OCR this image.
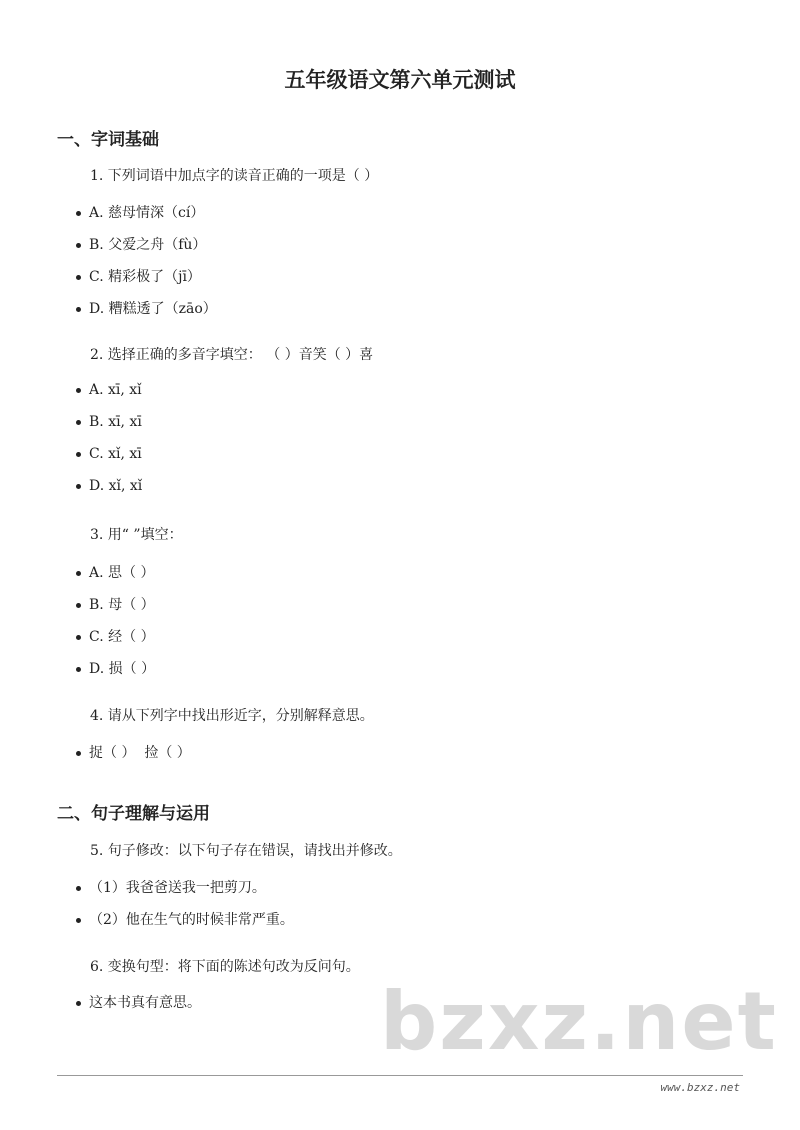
五年级语文第六单元测试
一、字词基础
1. 下列词语中加点字的读音正确的一项是（ ）
A. 慈母情深（cí）
B. 父爱之舟（fù）
C. 精彩极了（jī）
D. 糟糕透了（zāo）
2. 选择正确的多音字填空： （ ）音笑（ ）喜
A. xī, xǐ
B. xī, xī
C. xǐ, xī
D. xǐ, xǐ
3. 用“ ”填空：
A. 思（ ）
B. 母（ ）
C. 经（ ）
D. 损（ ）
4. 请从下列字中找出形近字，分别解释意思。
捉（ ）  捡（ ）
二、句子理解与运用
5. 句子修改：以下句子存在错误，请找出并修改。
（1）我爸爸送我一把剪刀。
（2）他在生气的时候非常严重。
6. 变换句型：将下面的陈述句改为反问句。
这本书真有意思。 bzxz.net
www.bzxz.net
